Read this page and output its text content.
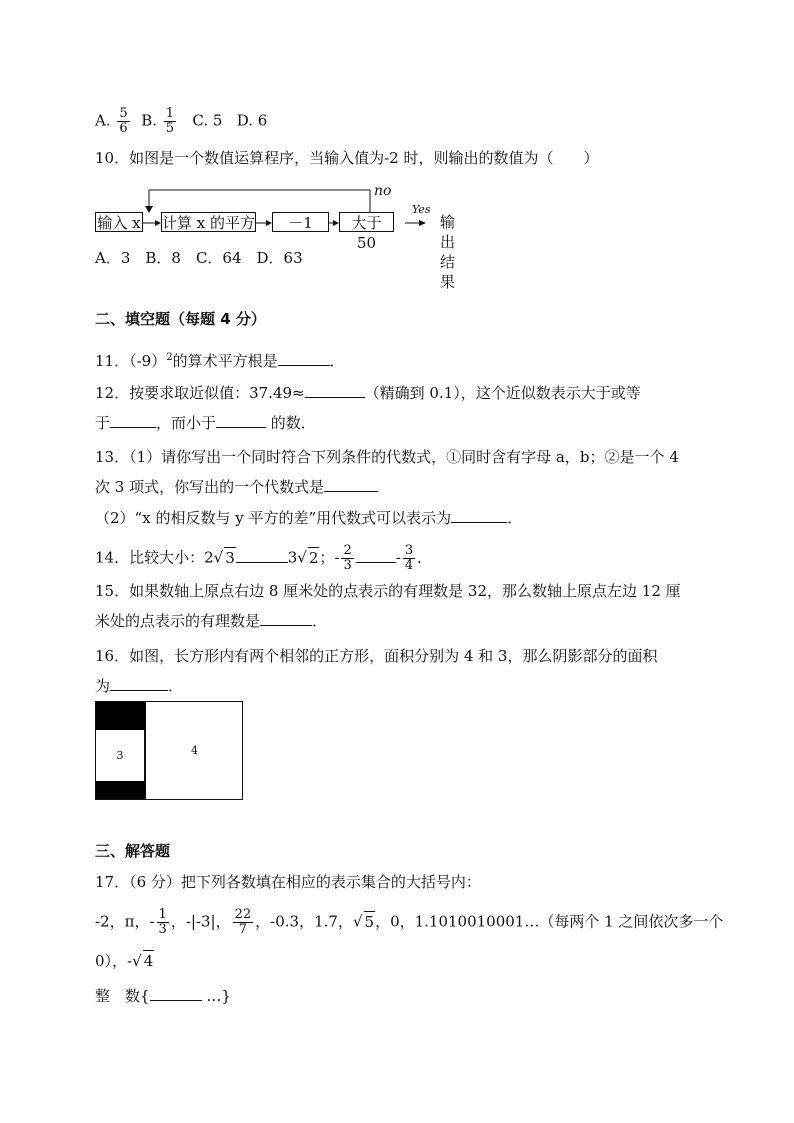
A. $\frac{5}{6} B$. $\frac{1}{5} C$. 5 D. 6
10．如图是一个数值运算程序，当输入值为-2 时，则输出的数值为（　　）
输入 x 计算 x 的平方	－1	大于 50
no
Yes
输出结果
A．3　B．8　C．64　D．63
二、填空题（每题 4 分）
11．$(-9)^2$的算术平方根是	．
12．按要求取近似值：37.49≈	（精确到 0.1），这个近似数表示大于或等
于	，而小于	的数．
13．（1）请你写出一个同时符合下列条件的代数式，①同时含有字母 a，b；②是一个 4
次 3 项式，你写出的一个代数式是
（2）“x 的相反数与 y 平方的差”用代数式可以表示为	．
14．比较大小：2√ 3	3√ 2；- $\frac{2}{3}$	- $\frac{3}{4}$ ．
15．如果数轴上原点右边 8 厘米处的点表示的有理数是 32，那么数轴上原点左边 12 厘
米处的点表示的有理数是	．
16．如图，长方形内有两个相邻的正方形，面积分别为 4 和 3，那么阴影部分的面积
为	．
3	4
三、解答题
17．（6 分）把下列各数填在相应的表示集合的大括号内：
-2，π，- $\frac{1}{3}$ ，-|-3|， $\frac{22}{7}$ ，-0.3，1.7，√ 5，0，1.1010010001…（每两个 1 之间依次多一个
0），-√ 4
整　数{	…}
